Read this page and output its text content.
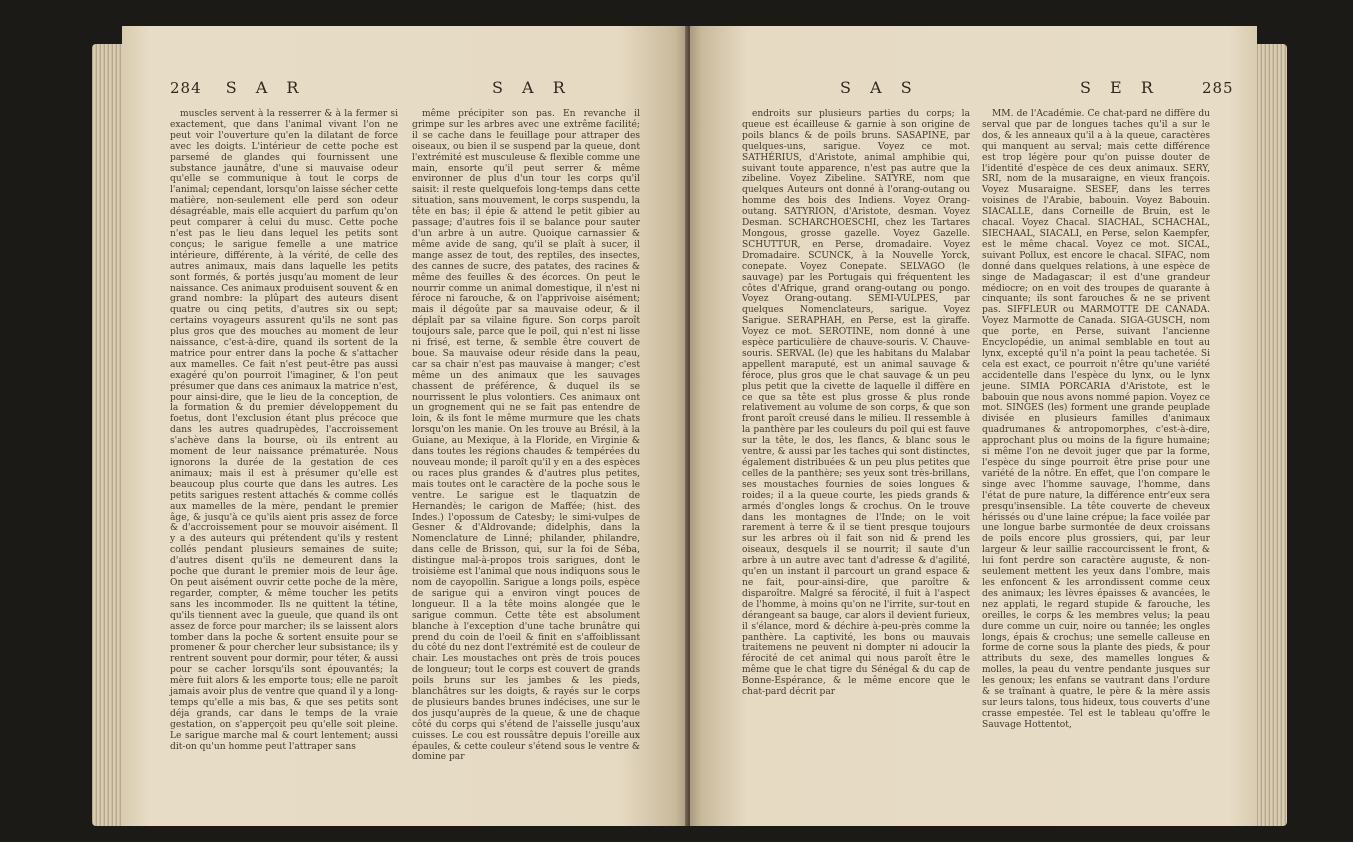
284 S A R	S A R

muscles servent à la resserrer & à la fermer si exactement, que dans l'animal vivant l'on ne peut voir l'ouverture qu'en la dilatant de force avec les doigts. L'intérieur de cette poche est parsemé de glandes qui fournissent une substance jaunâtre, d'une si mauvaise odeur qu'elle se communique à tout le corps de l'animal; cependant, lorsqu'on laisse sécher cette matière, non-seulement elle perd son odeur désagréable, mais elle acquiert du parfum qu'on peut comparer à celui du musc. Cette poche n'est pas le lieu dans lequel les petits sont conçus; le sarigue femelle a une matrice intérieure, différente, à la vérité, de celle des autres animaux, mais dans laquelle les petits sont formés, & portés jusqu'au moment de leur naissance. Ces animaux produisent souvent & en grand nombre: la plûpart des auteurs disent quatre ou cinq petits, d'autres six ou sept; certains voyageurs assurent qu'ils ne sont pas plus gros que des mouches au moment de leur naissance, c'est-à-dire, quand ils sortent de la matrice pour entrer dans la poche & s'attacher aux mamelles. Ce fait n'est peut-être pas aussi exagéré qu'on pourroit l'imaginer, & l'on peut présumer que dans ces animaux la matrice n'est, pour ainsi-dire, que le lieu de la conception, de la formation & du premier développement du foetus, dont l'exclusion étant plus précoce que dans les autres quadrupèdes, l'accroissement s'achève dans la bourse, où ils entrent au moment de leur naissance prématurée. Nous ignorons la durée de la gestation de ces animaux; mais il est à présumer qu'elle est beaucoup plus courte que dans les autres. Les petits sarigues restent attachés & comme collés aux mamelles de la mère, pendant le premier âge, & jusqu'à ce qu'ils aient pris assez de force & d'accroissement pour se mouvoir aisément. Il y a des auteurs qui prétendent qu'ils y restent collés pendant plusieurs semaines de suite; d'autres disent qu'ils ne demeurent dans la poche que durant le premier mois de leur âge. On peut aisément ouvrir cette poche de la mère, regarder, compter, & même toucher les petits sans les incommoder. Ils ne quittent la tétine, qu'ils tiennent avec la gueule, que quand ils ont assez de force pour marcher; ils se laissent alors tomber dans la poche & sortent ensuite pour se promener & pour chercher leur subsistance; ils y rentrent souvent pour dormir, pour téter, & aussi pour se cacher lorsqu'ils sont épouvantés; la mère fuit alors & les emporte tous; elle ne paroît jamais avoir plus de ventre que quand il y a long-temps qu'elle a mis bas, & que ses petits sont déja grands, car dans le temps de la vraie gestation, on s'apperçoit peu qu'elle soit pleine. Le sarigue marche mal & court lentement; aussi dit-on qu'un homme peut l'attraper sans

même précipiter son pas. En revanche il grimpe sur les arbres avec une extrême facilité; il se cache dans le feuillage pour attraper des oiseaux, ou bien il se suspend par la queue, dont l'extrémité est musculeuse & flexible comme une main, ensorte qu'il peut serrer & même environner de plus d'un tour les corps qu'il saisit: il reste quelquefois long-temps dans cette situation, sans mouvement, le corps suspendu, la tête en bas; il épie & attend le petit gibier au passage; d'autres fois il se balance pour sauter d'un arbre à un autre. Quoique carnassier & même avide de sang, qu'il se plaît à sucer, il mange assez de tout, des reptiles, des insectes, des cannes de sucre, des patates, des racines & même des feuilles & des écorces. On peut le nourrir comme un animal domestique, il n'est ni féroce ni farouche, & on l'apprivoise aisément; mais il dégoûte par sa mauvaise odeur, & il déplaît par sa vilaine figure. Son corps paroît toujours sale, parce que le poil, qui n'est ni lisse ni frisé, est terne, & semble être couvert de boue. Sa mauvaise odeur réside dans la peau, car sa chair n'est pas mauvaise à manger; c'est même un des animaux que les sauvages chassent de préférence, & duquel ils se nourrissent le plus volontiers. Ces animaux ont un grognement qui ne se fait pas entendre de loin, & ils font le même murmure que les chats lorsqu'on les manie. On les trouve au Brésil, à la Guiane, au Mexique, à la Floride, en Virginie & dans toutes les régions chaudes & tempérées du nouveau monde; il paroît qu'il y en a des espèces ou races plus grandes & d'autres plus petites, mais toutes ont le caractère de la poche sous le ventre. Le sarigue est le tlaquatzin de Hernandès; le carigon de Maffée; (hist. des Indes.) l'opossum de Catesby; le simi-vulpes de Gesner & d'Aldrovande; didelphis, dans la Nomenclature de Linné; philander, philandre, dans celle de Brisson, qui, sur la foi de Séba, distingue mal-à-propos trois sarigues, dont le troisième est l'animal que nous indiquons sous le nom de cayopollin. Sarigue a longs poils, espèce de sarigue qui a environ vingt pouces de longueur. Il a la tête moins alongée que le sarigue commun. Cette tête est absolument blanche à l'exception d'une tache brunâtre qui prend du coin de l'oeil & finit en s'affoiblissant du côté du nez dont l'extrémité est de couleur de chair. Les moustaches ont près de trois pouces de longueur; tout le corps est couvert de grands poils bruns sur les jambes & les pieds, blanchâtres sur les doigts, & rayés sur le corps de plusieurs bandes brunes indécises, une sur le dos jusqu'auprès de la queue, & une de chaque côté du corps qui s'étend de l'aisselle jusqu'aux cuisses. Le cou est roussâtre depuis l'oreille aux épaules, & cette couleur s'étend sous le ventre & domine par

S A S	S E R	285

endroits sur plusieurs parties du corps; la queue est écailleuse & garnie à son origine de poils blancs & de poils bruns. SASAPINE, par quelques-uns, sarigue. Voyez ce mot. SATHÉRIUS, d'Aristote, animal amphibie qui, suivant toute apparence, n'est pas autre que la zibeline. Voyez Zibeline. SATYRE, nom que quelques Auteurs ont donné à l'orang-outang ou homme des bois des Indiens. Voyez Orang-outang. SATYRION, d'Aristote, desman. Voyez Desman. SCHARCHOESCHI, chez les Tartares Mongous, grosse gazelle. Voyez Gazelle. SCHUTTUR, en Perse, dromadaire. Voyez Dromadaire. SCUNCK, à la Nouvelle Yorck, conepate. Voyez Conepate. SELVAGO (le sauvage) par les Portugais qui fréquentent les côtes d'Afrique, grand orang-outang ou pongo. Voyez Orang-outang. SEMI-VULPES, par quelques Nomenclateurs, sarigue. Voyez Sarigue. SERAPHAH, en Perse, est la giraffe. Voyez ce mot. SEROTINE, nom donné à une espèce particulière de chauve-souris. V. Chauve-souris. SERVAL (le) que les habitans du Malabar appellent maraputé, est un animal sauvage & féroce, plus gros que le chat sauvage & un peu plus petit que la civette de laquelle il diffère en ce que sa tête est plus grosse & plus ronde relativement au volume de son corps, & que son front paroît creusé dans le milieu. Il ressemble à la panthère par les couleurs du poil qui est fauve sur la tête, le dos, les flancs, & blanc sous le ventre, & aussi par les taches qui sont distinctes, également distribuées & un peu plus petites que celles de la panthère; ses yeux sont très-brillans, ses moustaches fournies de soies longues & roides; il a la queue courte, les pieds grands & armés d'ongles longs & crochus. On le trouve dans les montagnes de l'Inde; on le voit rarement à terre & il se tient presque toujours sur les arbres où il fait son nid & prend les oiseaux, desquels il se nourrit; il saute d'un arbre à un autre avec tant d'adresse & d'agilité, qu'en un instant il parcourt un grand espace & ne fait, pour-ainsi-dire, que paroître & disparoître. Malgré sa férocité, il fuit à l'aspect de l'homme, à moins qu'on ne l'irrite, sur-tout en dérangeant sa bauge, car alors il devient furieux, il s'élance, mord & déchire à-peu-près comme la panthère. La captivité, les bons ou mauvais traitemens ne peuvent ni dompter ni adoucir la férocité de cet animal qui nous paroît être le même que le chat tigre du Sénégal & du cap de Bonne-Espérance, & le même encore que le chat-pard décrit par

MM. de l'Académie. Ce chat-pard ne diffère du serval que par de longues taches qu'il a sur le dos, & les anneaux qu'il a à la queue, caractères qui manquent au serval; mais cette différence est trop légère pour qu'on puisse douter de l'identité d'espèce de ces deux animaux. SERY, SRI, nom de la musaraigne, en vieux françois. Voyez Musaraigne. SESEF, dans les terres voisines de l'Arabie, babouin. Voyez Babouin. SIACALLE, dans Corneille de Bruin, est le chacal. Voyez Chacal. SIACHAL, SCHACHAL, SIECHAAL, SIACALI, en Perse, selon Kaempfer, est le même chacal. Voyez ce mot. SICAL, suivant Pollux, est encore le chacal. SIFAC, nom donné dans quelques relations, à une espèce de singe de Madagascar; il est d'une grandeur médiocre; on en voit des troupes de quarante à cinquante; ils sont farouches & ne se privent pas. SIFFLEUR ou MARMOTTE DE CANADA. Voyez Marmotte de Canada. SIGA-GUSCH, nom que porte, en Perse, suivant l'ancienne Encyclopédie, un animal semblable en tout au lynx, excepté qu'il n'a point la peau tachetée. Si cela est exact, ce pourroit n'être qu'une variété accidentelle dans l'espèce du lynx, ou le lynx jeune. SIMIA PORCARIA d'Aristote, est le babouin que nous avons nommé papion. Voyez ce mot. SINGES (les) forment une grande peuplade divisée en plusieurs familles d'animaux quadrumanes & antropomorphes, c'est-à-dire, approchant plus ou moins de la figure humaine; si même l'on ne devoit juger que par la forme, l'espèce du singe pourroit être prise pour une variété de la nôtre. En effet, que l'on compare le singe avec l'homme sauvage, l'homme, dans l'état de pure nature, la différence entr'eux sera presqu'insensible. La tête couverte de cheveux hérissés ou d'une laine crépue; la face voilée par une longue barbe surmontée de deux croissans de poils encore plus grossiers, qui, par leur largeur & leur saillie raccourcissent le front, & lui font perdre son caractère auguste, & non-seulement mettent les yeux dans l'ombre, mais les enfoncent & les arrondissent comme ceux des animaux; les lèvres épaisses & avancées, le nez applati, le regard stupide & farouche, les oreilles, le corps & les membres velus; la peau dure comme un cuir, noire ou tannée; les ongles longs, épais & crochus; une semelle calleuse en forme de corne sous la plante des pieds, & pour attributs du sexe, des mamelles longues & molles, la peau du ventre pendante jusques sur les genoux; les enfans se vautrant dans l'ordure & se traînant à quatre, le père & la mère assis sur leurs talons, tous hideux, tous couverts d'une crasse empestée. Tel est le tableau qu'offre le Sauvage Hottentot,
